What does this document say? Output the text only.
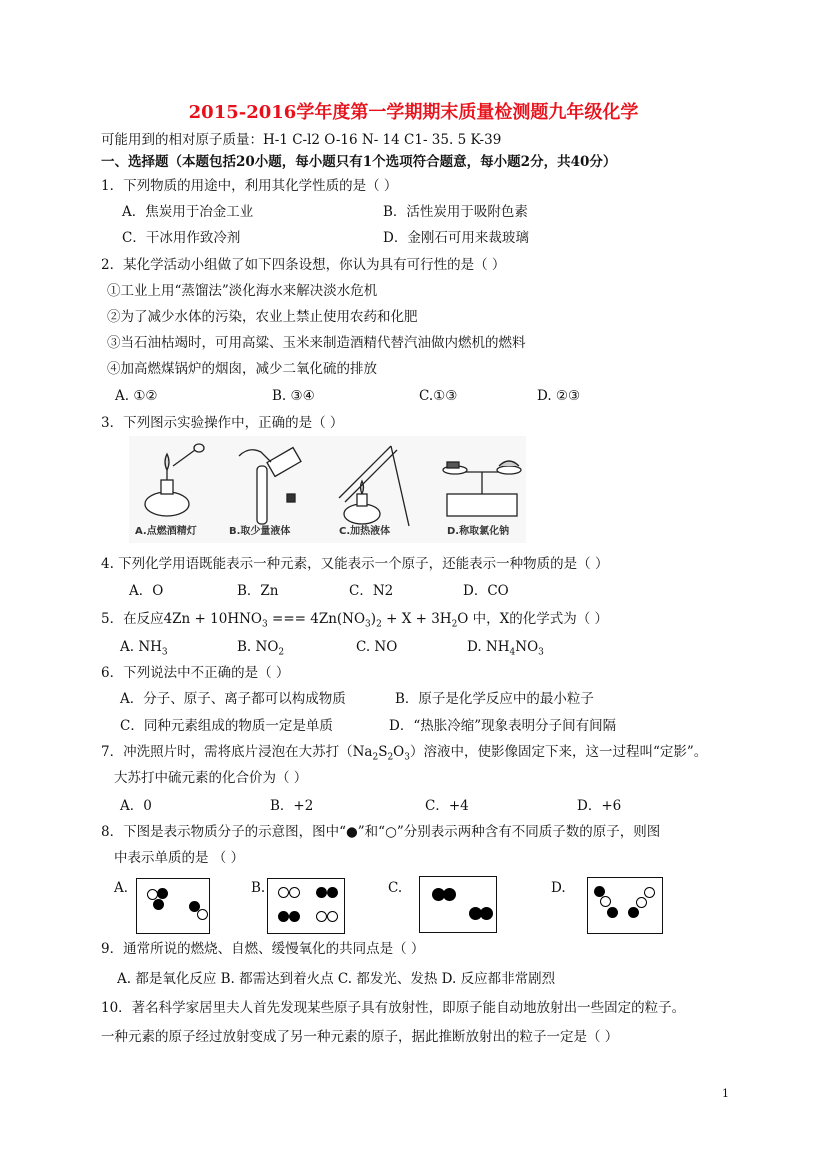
2015-2016学年度第一学期期末质量检测题九年级化学
可能用到的相对原子质量：H-1 C-l2 O-16 N- 14 C1- 35. 5 K-39
一、选择题（本题包括20小题，每小题只有1个选项符合题意，每小题2分，共40分）
1．下列物质的用途中，利用其化学性质的是（ ）
A．焦炭用于冶金工业	B．活性炭用于吸附色素
C．干冰用作致冷剂	D．金刚石可用来裁玻璃
2．某化学活动小组做了如下四条设想，你认为具有可行性的是（ ）
①工业上用“蒸馏法”淡化海水来解决淡水危机
②为了减少水体的污染，农业上禁止使用农药和化肥
③当石油枯竭时，可用高粱、玉米来制造酒精代替汽油做内燃机的燃料
④加高燃煤锅炉的烟囱，减少二氧化硫的排放
A. ①②	B. ③④	C.①③	D. ②③
3．下列图示实验操作中，正确的是（ ）
A.点燃酒精灯	B.取少量液体	C.加热液体	D.称取氯化钠
4. 下列化学用语既能表示一种元素，又能表示一个原子，还能表示一种物质的是（ ）
A．O	B．Zn	C．N2	D．CO
5．在反应$4Zn + 10HNO_3$ === $4Zn(NO_3)_2 + X + 3H_2O$ 中，X的化学式为（ ）
A. $NH_3$	B. $NO_2$	C. NO	D. $NH_4NO_3$
6．下列说法中不正确的是（ ）
A．分子、原子、离子都可以构成物质	B．原子是化学反应中的最小粒子
C．同种元素组成的物质一定是单质	D．“热胀冷缩”现象表明分子间有间隔
7．冲洗照片时，需将底片浸泡在大苏打$(Na_2S_2O_3)$溶液中，使影像固定下来，这一过程叫“定影”。
大苏打中硫元素的化合价为（ ）
A．0	B．+2	C．+4	D．+6
8．下图是表示物质分子的示意图，图中“●”和“○”分别表示两种含有不同质子数的原子，则图
中表示单质的是 （ ）
A．	B.	C.	D.
9．通常所说的燃烧、自燃、缓慢氧化的共同点是（ ）
A. 都是氧化反应 B. 都需达到着火点 C. 都发光、发热 D. 反应都非常剧烈
10．著名科学家居里夫人首先发现某些原子具有放射性，即原子能自动地放射出一些固定的粒子。
一种元素的原子经过放射变成了另一种元素的原子，据此推断放射出的粒子一定是（ ）
1
